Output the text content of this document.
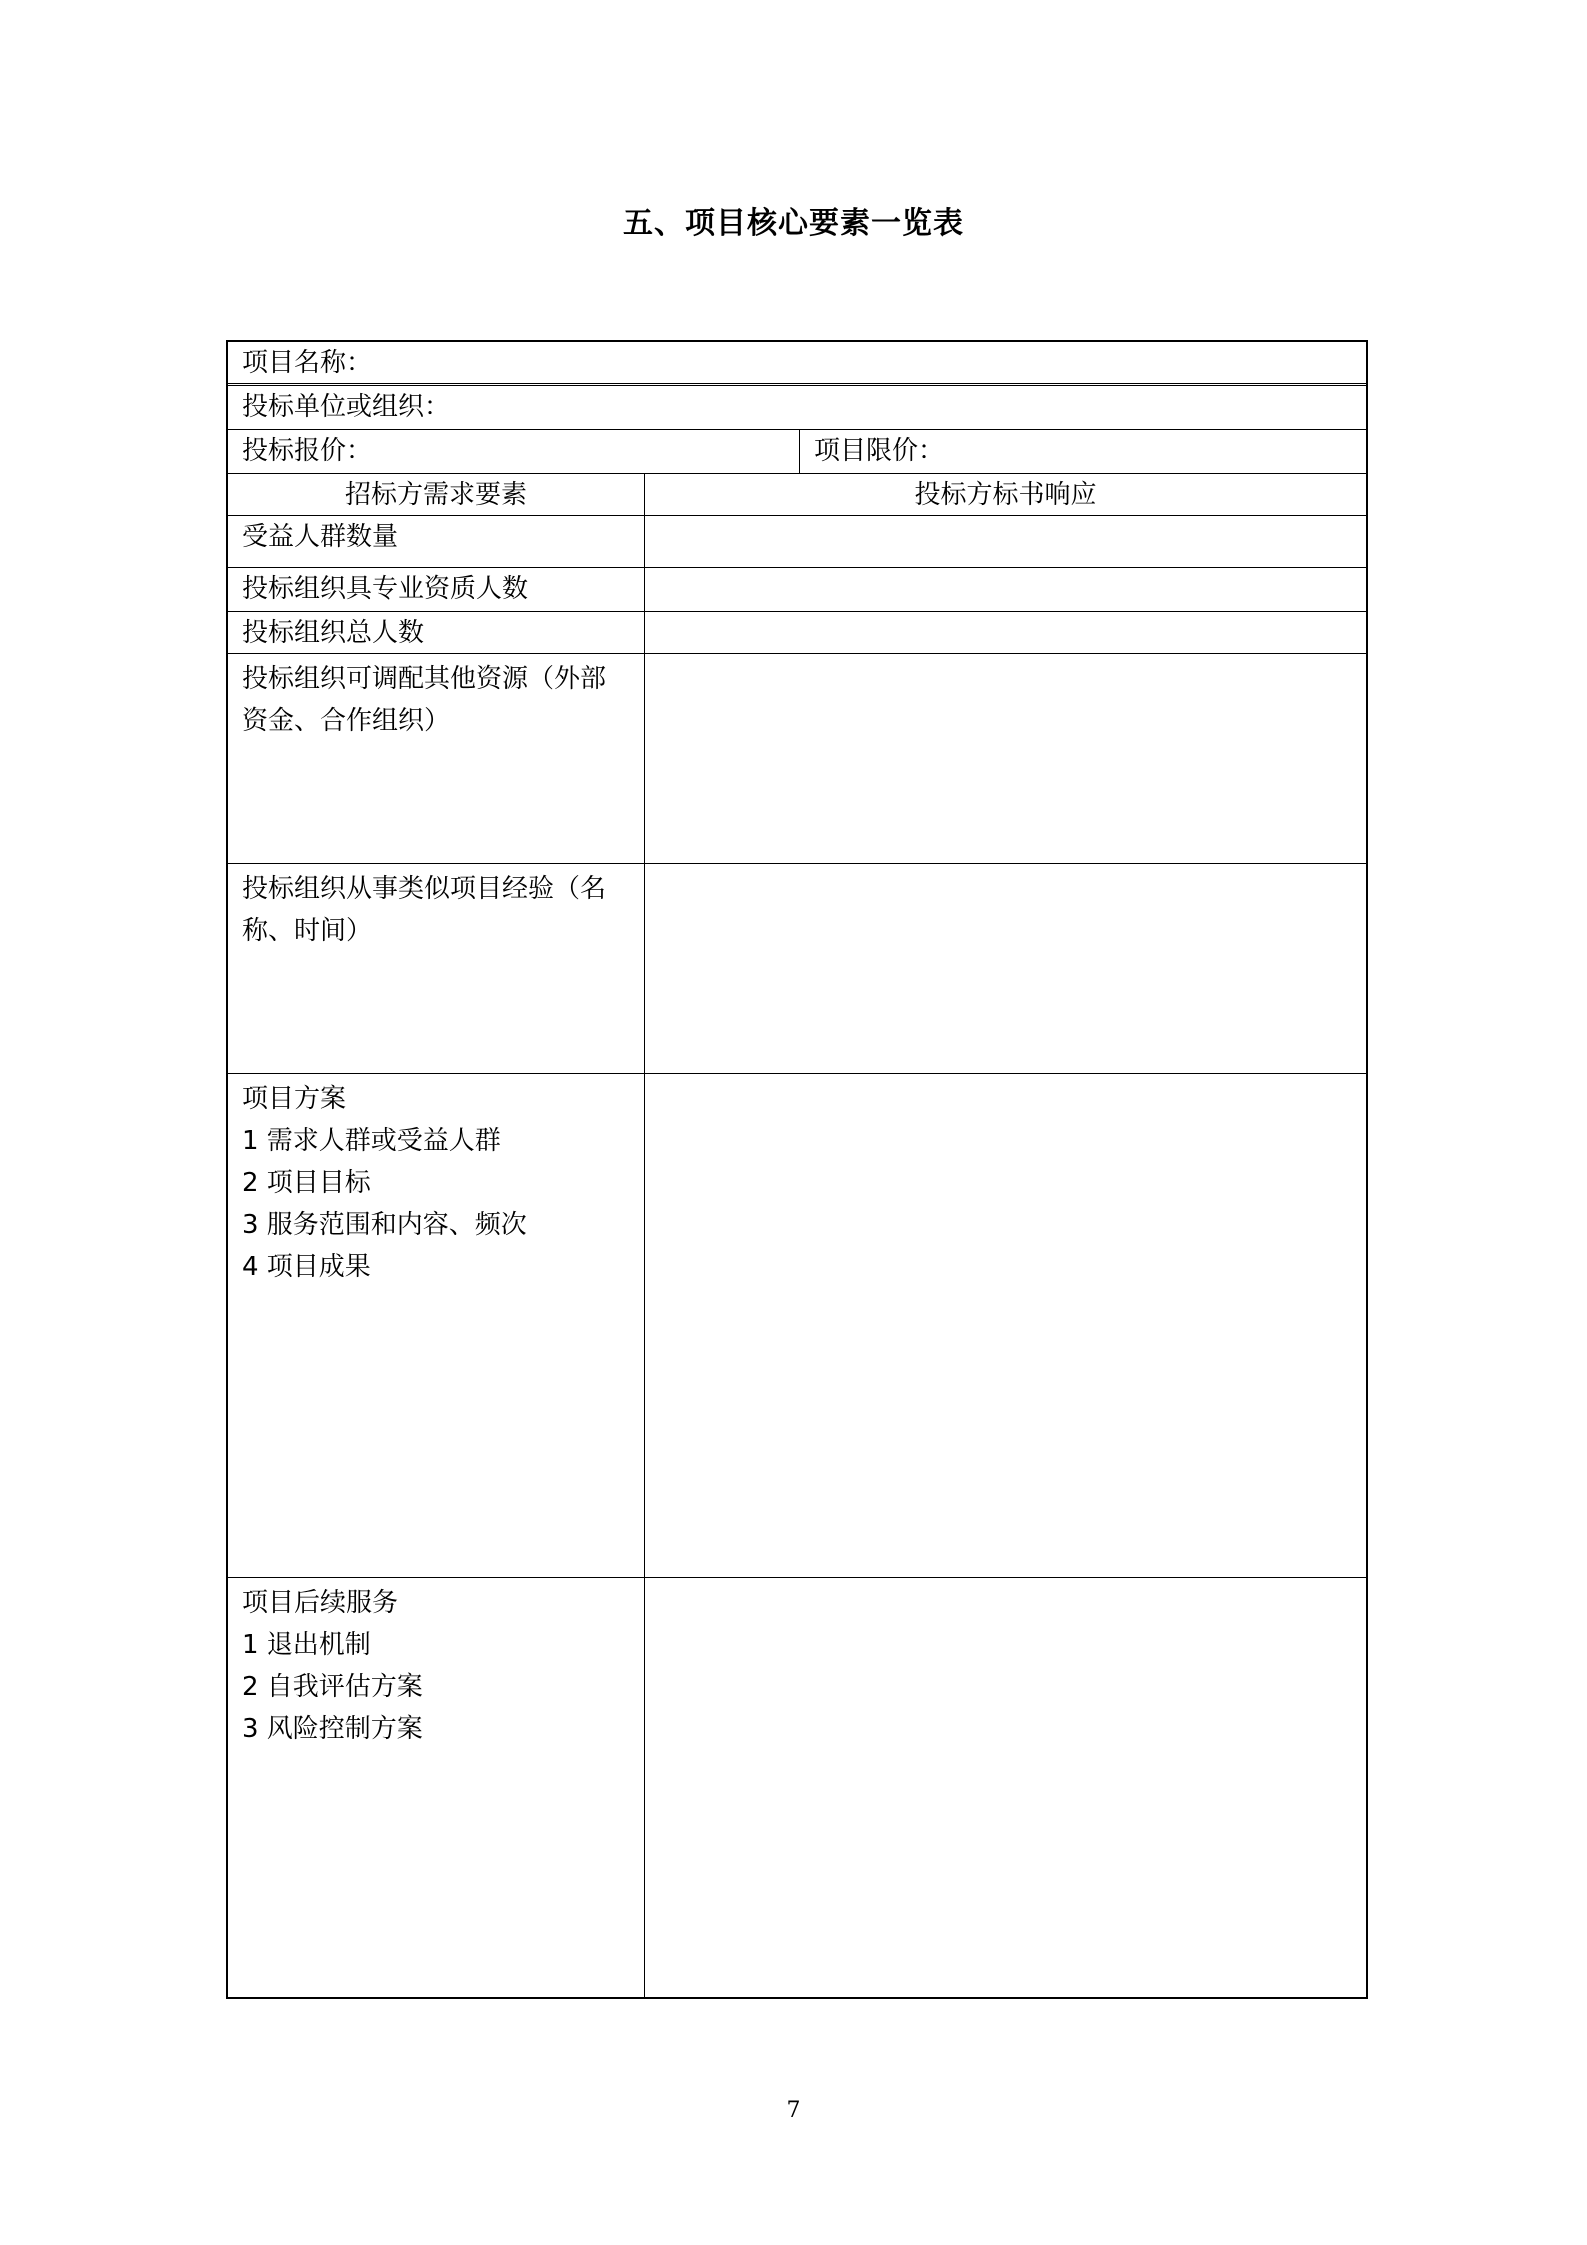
五、项目核心要素一览表
项目名称：
投标单位或组织：
投标报价：	项目限价：
招标方需求要素	投标方标书响应
受益人群数量
投标组织具专业资质人数
投标组织总人数
投标组织可调配其他资源（外部资金、合作组织）
投标组织从事类似项目经验（名称、时间）
项目方案
1 需求人群或受益人群
2 项目目标
3 服务范围和内容、频次
4 项目成果
项目后续服务
1 退出机制
2 自我评估方案
3 风险控制方案
7
